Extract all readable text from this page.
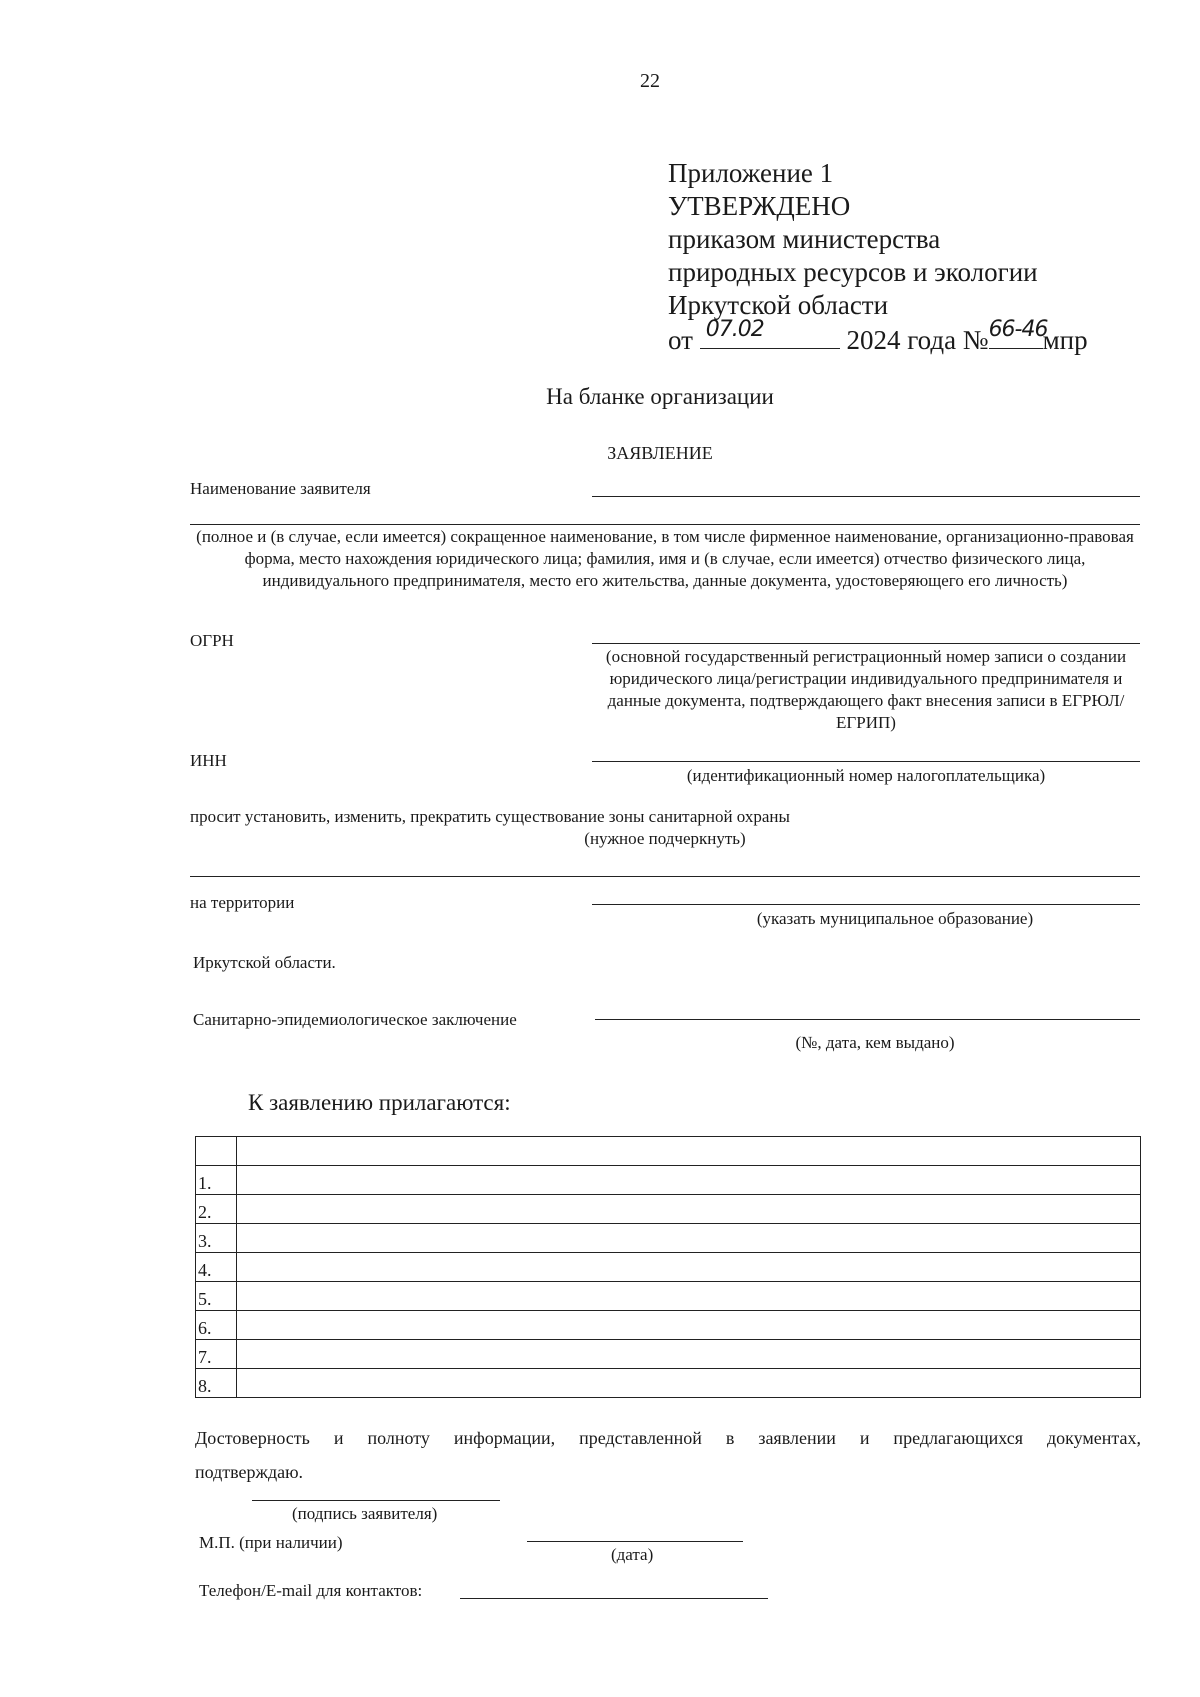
22
Приложение 1
УТВЕРЖДЕНО
приказом министерства
природных ресурсов и экологии
Иркутской области
от 07.02	2024 года № 66-46
мпр
На бланке организации
ЗАЯВЛЕНИЕ
Наименование заявителя
(полное и (в случае, если имеется) сокращенное наименование, в том числе фирменное наименование, организационно-правовая форма, место нахождения юридического лица; фамилия, имя и (в случае, если имеется) отчество физического лица, индивидуального предпринимателя, место его жительства, данные документа, удостоверяющего его личность)
ОГРН
(основной государственный регистрационный номер записи о создании юридического лица/регистрации индивидуального предпринимателя и данные документа, подтверждающего факт внесения записи в ЕГРЮЛ/ЕГРИП)
ИНН
(идентификационный номер налогоплательщика)
просит установить, изменить, прекратить существование зоны санитарной охраны
(нужное подчеркнуть)
на территории
(указать муниципальное образование)
Иркутской области.
Санитарно-эпидемиологическое заключение
(№, дата, кем выдано)
К заявлению прилагаются:

1.	
2.	
3.	
4.	
5.	
6.	
7.	
8.	
Достоверность и полноту информации, представленной в заявлении и предлагающихся документах,
подтверждаю.
(подпись заявителя)
М.П. (при наличии)
(дата)
Телефон/E-mail для контактов:
